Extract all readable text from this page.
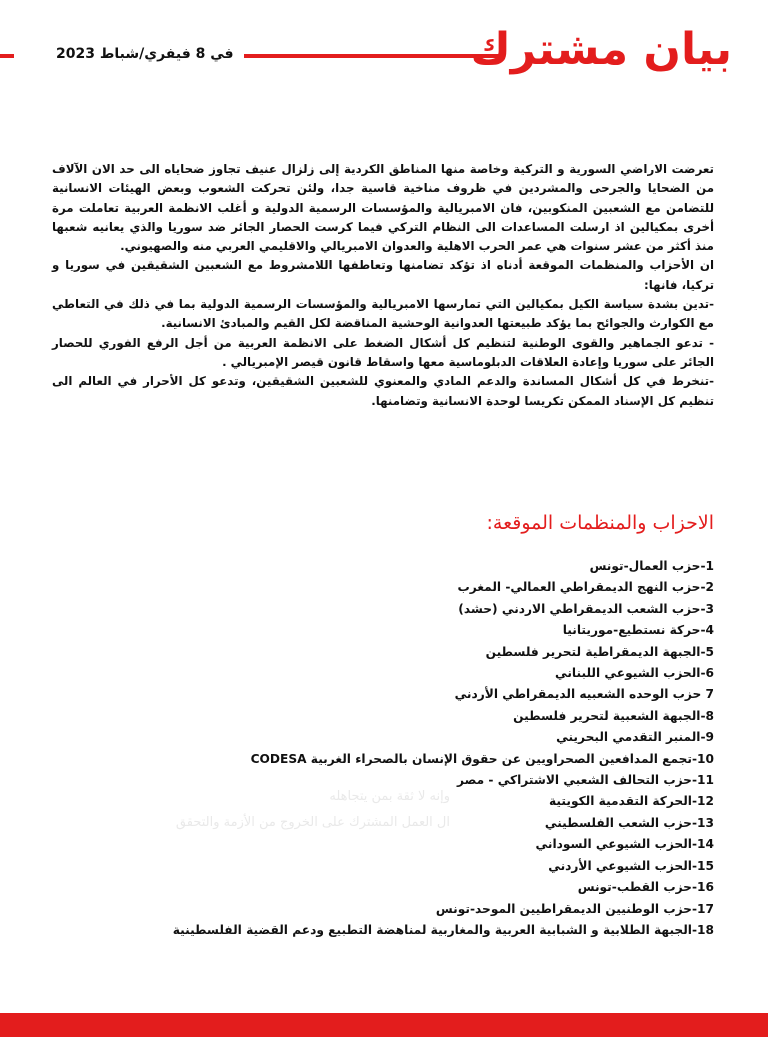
في 8 فيفري/شباط 2023	بيان مشترك

تعرضت الاراضي السورية و التركية وخاصة منها المناطق الكردية إلى زلزال عنيف تجاوز ضحاياه الى حد الان الآلاف من الضحايا والجرحى والمشردين في ظروف مناخية قاسية جدا، ولئن تحركت الشعوب وبعض الهيئات الانسانية للتضامن مع الشعبين المنكوبين، فان الامبريالية والمؤسسات الرسمية الدولية و أغلب الانظمة العربية تعاملت مرة أخرى بمكيالين اذ ارسلت المساعدات الى النظام التركي فيما كرست الحصار الجائر ضد سوريا والذي يعانيه شعبها منذ أكثر من عشر سنوات هي عمر الحرب الاهلية والعدوان الامبريالي والاقليمي العربي منه والصهيوني.

ان الأحزاب والمنظمات الموقعة أدناه اذ تؤكد تضامنها وتعاطفها اللامشروط مع الشعبين الشقيقين في سوريا و تركيا، فانها:

-تدين بشدة سياسة الكيل بمكيالين التي تمارسها الامبريالية والمؤسسات الرسمية الدولية بما في ذلك في التعاطي مع الكوارث والجوائح بما يؤكد طبيعتها العدوانية الوحشية المناقضة لكل القيم والمبادئ الانسانية.

- تدعو الجماهير والقوى الوطنية لتنظيم كل أشكال الضغط على الانظمة العربية من أجل الرفع الفوري للحصار الجائر على سوريا وإعادة العلاقات الدبلوماسية معها واسقاط قانون قيصر الإمبريالي .

-تنخرط في كل أشكال المساندة والدعم المادي والمعنوي للشعبين الشقيقين، وتدعو كل الأحرار في العالم الى تنظيم كل الإسناد الممكن تكريسا لوحدة الانسانية وتضامنها.

الاحزاب والمنظمات الموقعة:
1-حزب العمال-تونس
2-حزب النهج الديمقراطي العمالي- المغرب
3-حزب الشعب الديمقراطي الاردني (حشد)
4-حركة نستطيع-موريتانيا
5-الجبهة الديمقراطية لتحرير فلسطين
6-الحزب الشيوعي اللبناني
7 حزب الوحده الشعبيه الديمقراطي الأردني
8-الجبهة الشعبية لتحرير فلسطين
9-المنبر التقدمي البحريني
10-تجمع المدافعين الصحراويين عن حقوق الإنسان بالصحراء الغربية CODESA
11-حزب التحالف الشعبي الاشتراكي - مصر
12-الحركة التقدمية الكويتية
13-حزب الشعب الفلسطيني
14-الحزب الشيوعي السوداني
15-الحزب الشيوعي الأردني
16-حزب القطب-تونس
17-حزب الوطنيين الديمقراطيين الموحد-تونس
18-الجبهة الطلابية و الشبابية العربية والمغاربية لمناهضة التطبيع ودعم القضية الفلسطينية
وإنه لا ثقة بمن يتجاهله
ال العمل المشترك على الخروج من الأزمة والتحقق
